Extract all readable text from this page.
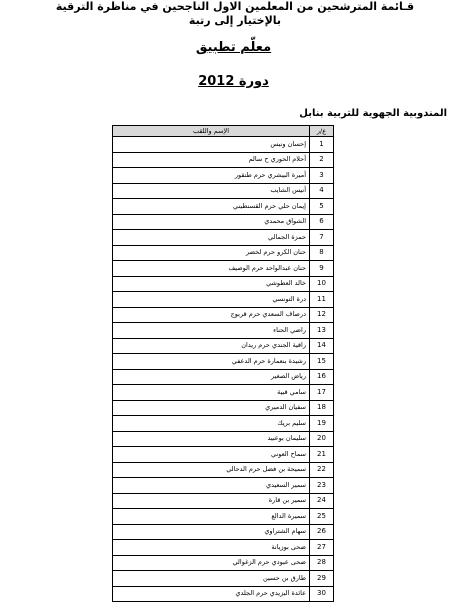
قـائمة المترشحين من المعلمين الاول الناجحين في مناظرة الترقية بالإختيار إلى رتبة
معلّم تطبيق
دورة 2012
المندوبية الجهوية للتربية بنابل
ع/ر	الإسم واللقب
1	إحسان ونيس
2	أحلام الحوري ح سالم
3	أميرة البيشري حرم طنقور
4	أنيس الشايب
5	إيمان حلي حرم القسنطيني
6	الشواق محمدي
7	حمزة الجمالي
8	حنان الكرو حرم لخضر
9	حنان عبدالواحد حرم الوصيف
10	خالد العطوشي
11	درة التونسي
12	درصاف السعدي حرم قربوج
13	راضي الحناء
14	راقية الجندي حرم ريدان
15	رشيدة بنعمارة حرم الدعفي
16	رياض الصغير
17	سامي قبية
18	سفيان الدميري
19	سليم بريك
20	سليمان بوعبيد
21	سماح العوني
22	سميحة بن فضل حرم الدحالي
23	سمير السعيدي
24	سمير بن قارة
25	سميرة الدالع
26	سهام الشتراوي
27	ضحى بوزيانة
28	ضحى عبودي حرم الزغوالي
29	طارق بن حسين
30	عائدة البزيدي حرم الجلدي
